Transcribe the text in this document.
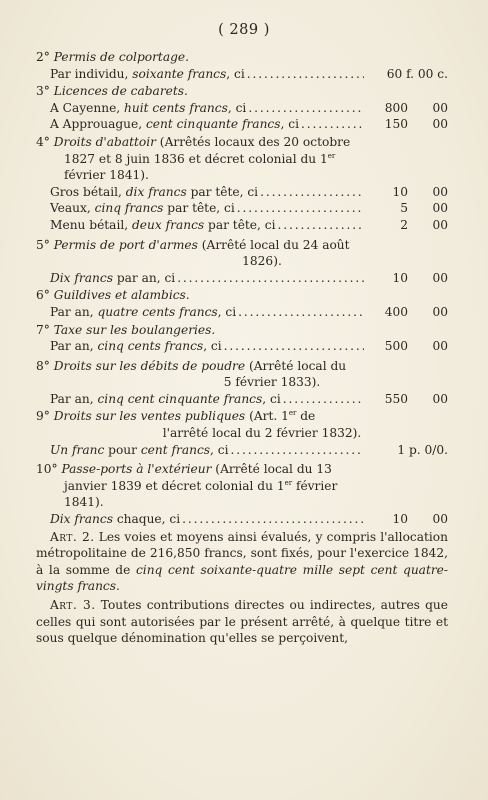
( 289 )
2° Permis de colportage.
Par individu, soixante francs, ci . . .	60 f. 00 c.
3° Licences de cabarets.
A Cayenne, huit cents francs, ci . . .	800	00
A Approuague, cent cinquante francs, ci . . .	150	00
4° Droits d'abattoir (Arrêtés locaux des 20 octobre
1827 et 8 juin 1836 et décret colonial du 1er
février 1841).
Gros bétail, dix francs par tête, ci . . .	10	00
Veaux, cinq francs par tête, ci . . .	5	00
Menu bétail, deux francs par tête, ci . . .	2	00
5° Permis de port d'armes (Arrêté local du 24 août
1826).
Dix francs par an, ci . . .	10	00
6° Guildives et alambics.
Par an, quatre cents francs, ci . . .	400	00
7° Taxe sur les boulangeries.
Par an, cinq cents francs, ci . . .	500	00
8° Droits sur les débits de poudre (Arrêté local du
5 février 1833).
Par an, cinq cent cinquante francs, ci . . .	550	00
9° Droits sur les ventes publiques (Art. 1er de
l'arrêté local du 2 février 1832).
Un franc pour cent francs, ci . . .	1 p. 0/0.
10° Passe-ports à l'extérieur (Arrêté local du 13
janvier 1839 et décret colonial du 1er février
1841).
Dix francs chaque, ci . . .	10	00
Art. 2. Les voies et moyens ainsi évalués, y compris l'allocation métropolitaine de 216,850 francs, sont fixés, pour l'exercice 1842, à la somme de cinq cent soixante-quatre mille sept cent quatre-vingts francs.
Art. 3. Toutes contributions directes ou indirectes, autres que celles qui sont autorisées par le présent arrêté, à quelque titre et sous quelque dénomination qu'elles se perçoivent,
